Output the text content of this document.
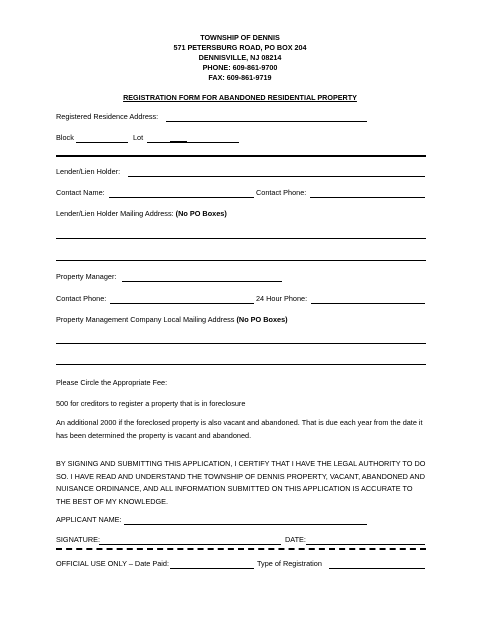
TOWNSHIP OF DENNIS
571 PETERSBURG ROAD, PO BOX 204
DENNISVILLE, NJ 08214
PHONE: 609-861-9700
FAX: 609-861-9719
REGISTRATION FORM FOR ABANDONED RESIDENTIAL PROPERTY
Registered Residence Address:
Block	Lot
Lender/Lien Holder:
Contact Name:	Contact Phone:
Lender/Lien Holder Mailing Address: (No PO Boxes)
Property Manager:
Contact Phone:	24 Hour Phone:
Property Management Company Local Mailing Address (No PO Boxes)
Please Circle the Appropriate Fee:
500 for creditors to register a property that is in foreclosure
An additional 2000 if the foreclosed property is also vacant and abandoned. That is due each year from the date it has been determined the property is vacant and abandoned.
BY SIGNING AND SUBMITTING THIS APPLICATION, I CERTIFY THAT I HAVE THE LEGAL AUTHORITY TO DO SO. I HAVE READ AND UNDERSTAND THE TOWNSHIP OF DENNIS PROPERTY, VACANT, ABANDONED AND NUISANCE ORDINANCE, AND ALL INFORMATION SUBMITTED ON THIS APPLICATION IS ACCURATE TO THE BEST OF MY KNOWLEDGE.
APPLICANT NAME:
SIGNATURE:	DATE:
OFFICIAL USE ONLY – Date Paid:	Type of Registration
